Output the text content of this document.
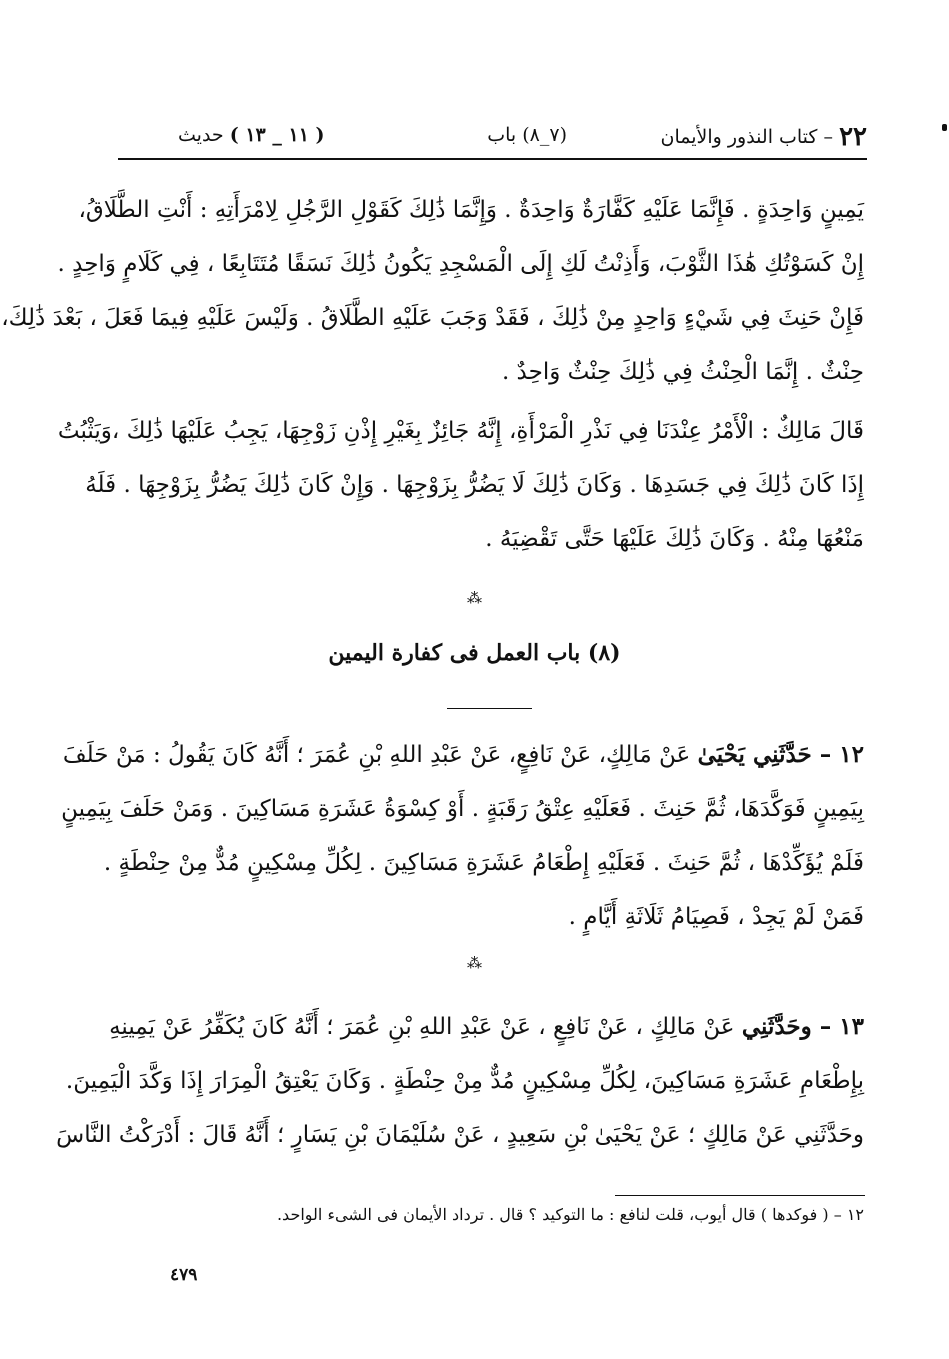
٢٢ – كتاب النذور والأيمان
(٧_٨) باب
( ١١ _ ١٣ ) حديث
يَمِينٍ وَاحِدَةٍ . فَإِنَّمَا عَلَيْهِ كَفَّارَةٌ وَاحِدَةٌ . وَإِنَّمَا ذَٰلِكَ كَقَوْلِ الرَّجُلِ لِامْرَأَتِهِ : أَنْتِ الطَّلَاقُ،
إِنْ كَسَوْتُكِ هَٰذَا الثَّوْبَ، وَأَذِنْتُ لَكِ إِلَى الْمَسْجِدِ يَكُونُ ذَٰلِكَ نَسَقًا مُتَتَابِعًا ، فِي كَلَامٍ وَاحِدٍ .
فَإِنْ حَنِثَ فِي شَيْءٍ وَاحِدٍ مِنْ ذَٰلِكَ ، فَقَدْ وَجَبَ عَلَيْهِ الطَّلَاقُ . وَلَيْسَ عَلَيْهِ فِيمَا فَعَلَ ، بَعْدَ ذَٰلِكَ،
حِنْثٌ . إِنَّمَا الْحِنْثُ فِي ذَٰلِكَ حِنْثٌ وَاحِدٌ .
قَالَ مَالِكٌ : الْأَمْرُ عِنْدَنَا فِي نَذْرِ الْمَرْأَةِ، إِنَّهُ جَائِزٌ بِغَيْرِ إِذْنِ زَوْجِهَا، يَجِبُ عَلَيْهَا ذَٰلِكَ ،وَيَثْبُتُ
إِذَا كَانَ ذَٰلِكَ فِي جَسَدِهَا . وَكَانَ ذَٰلِكَ لَا يَضُرُّ بِزَوْجِهَا . وَإِنْ كَانَ ذَٰلِكَ يَضُرُّ بِزَوْجِهَا . فَلَهُ
مَنْعُهَا مِنْهُ . وَكَانَ ذَٰلِكَ عَلَيْهَا حَتَّى تَقْضِيَهُ .
⁂
(٨) باب العمل فى كفارة اليمين
١٢ – حَدَّثَنِي يَحْيَىٰ عَنْ مَالِكٍ، عَنْ نَافِعٍ، عَنْ عَبْدِ اللهِ بْنِ عُمَرَ ؛ أَنَّهُ كَانَ يَقُولُ : مَنْ حَلَفَ
بِيَمِينٍ فَوَكَّدَهَا، ثُمَّ حَنِثَ . فَعَلَيْهِ عِتْقُ رَقَبَةٍ . أَوْ كِسْوَةُ عَشَرَةِ مَسَاكِينَ . وَمَنْ حَلَفَ بِيَمِينٍ
فَلَمْ يُؤَكِّدْهَا ، ثُمَّ حَنِثَ . فَعَلَيْهِ إِطْعَامُ عَشَرَةِ مَسَاكِينَ . لِكُلِّ مِسْكِينٍ مُدٌّ مِنْ حِنْطَةٍ .
فَمَنْ لَمْ يَجِدْ ، فَصِيَامُ ثَلَاثَةِ أَيَّامٍ .
⁂
١٣ – وحَدَّثَنِي عَنْ مَالِكٍ ، عَنْ نَافِعٍ ، عَنْ عَبْدِ اللهِ بْنِ عُمَرَ ؛ أَنَّهُ كَانَ يُكَفِّرُ عَنْ يَمِينِهِ
بِإِطْعَامِ عَشَرَةِ مَسَاكِينَ، لِكُلِّ مِسْكِينٍ مُدٌّ مِنْ حِنْطَةٍ . وَكَانَ يَعْتِقُ الْمِرَارَ إِذَا وَكَّدَ الْيَمِينَ.
وحَدَّثَنِي عَنْ مَالِكٍ ؛ عَنْ يَحْيَىٰ بْنِ سَعِيدٍ ، عَنْ سُلَيْمَانَ بْنِ يَسَارٍ ؛ أَنَّهُ قَالَ : أَدْرَكْتُ النَّاسَ
١٢ – ( فوكدها ) قال أيوب، قلت لنافع : ما التوكيد ؟ قال . ترداد الأيمان فى الشىء الواحد.
٤٧٩
